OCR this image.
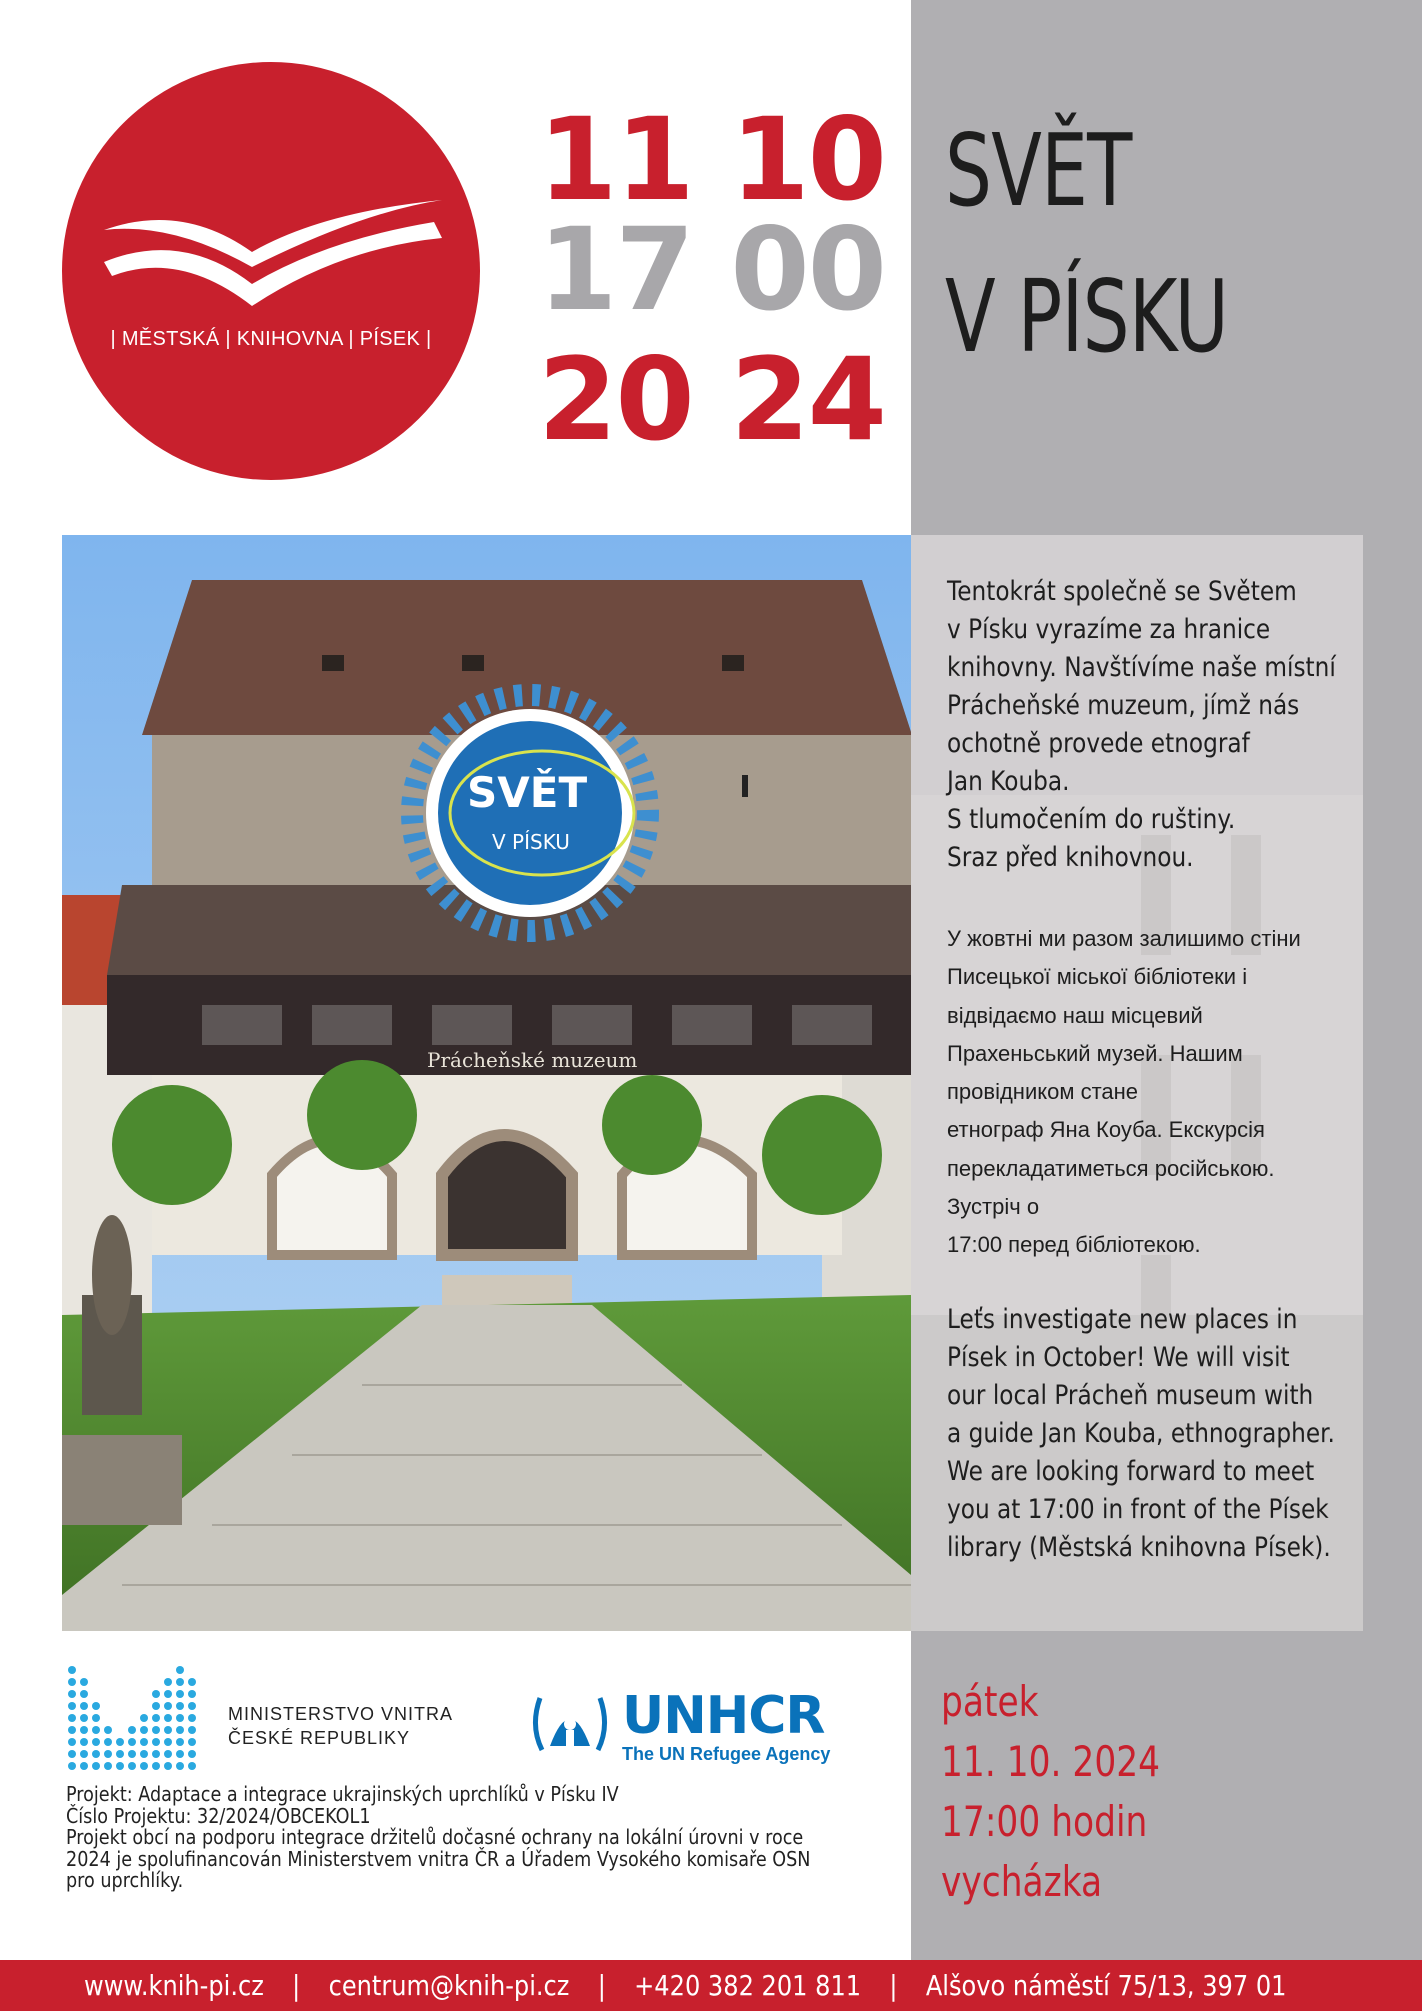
| MĚSTSKÁ | KNIHOVNA | PÍSEK |
11 10
17 00
20 24
SVĚT
V PÍSKU
Prácheňské muzeum
SVĚT
V PÍSKU
Tentokrát společně se Světem
v Písku vyrazíme za hranice
knihovny. Navštívíme naše místní
Prácheňské muzeum, jímž nás
ochotně provede etnograf
Jan Kouba.
S tlumočením do ruštiny.
Sraz před knihovnou.
У жовтні ми разом залишимо стіни
Писецької міської бібліотеки і
відвідаємо наш місцевий
Прахеньський музей. Нашим
провідником стане
етнограф Яна Коуба. Екскурсія
перекладатиметься російською.
Зустріч о
17:00 перед бібліотекою.
Leťs investigate new places in
Písek in October! We will visit
our local Prácheň museum with
a guide Jan Kouba, ethnographer.
We are looking forward to meet
you at 17:00 in front of the Písek
library (Městská knihovna Písek).
MINISTERSTVO VNITRA
ČESKÉ REPUBLIKY	UNHCR
The UN Refugee Agency
Projekt: Adaptace a integrace ukrajinských uprchlíků v Písku IV
Číslo Projektu: 32/2024/OBCEKOL1
Projekt obcí na podporu integrace držitelů dočasné ochrany na lokální úrovni v roce
2024 je spolufinancován Ministerstvem vnitra ČR a Úřadem Vysokého komisaře OSN
pro uprchlíky.
pátek
11. 10. 2024
17:00 hodin
vycházka
www.knih-pi.cz | centrum@knih-pi.cz | +420 382 201 811 | Alšovo náměstí 75/13, 397 01
